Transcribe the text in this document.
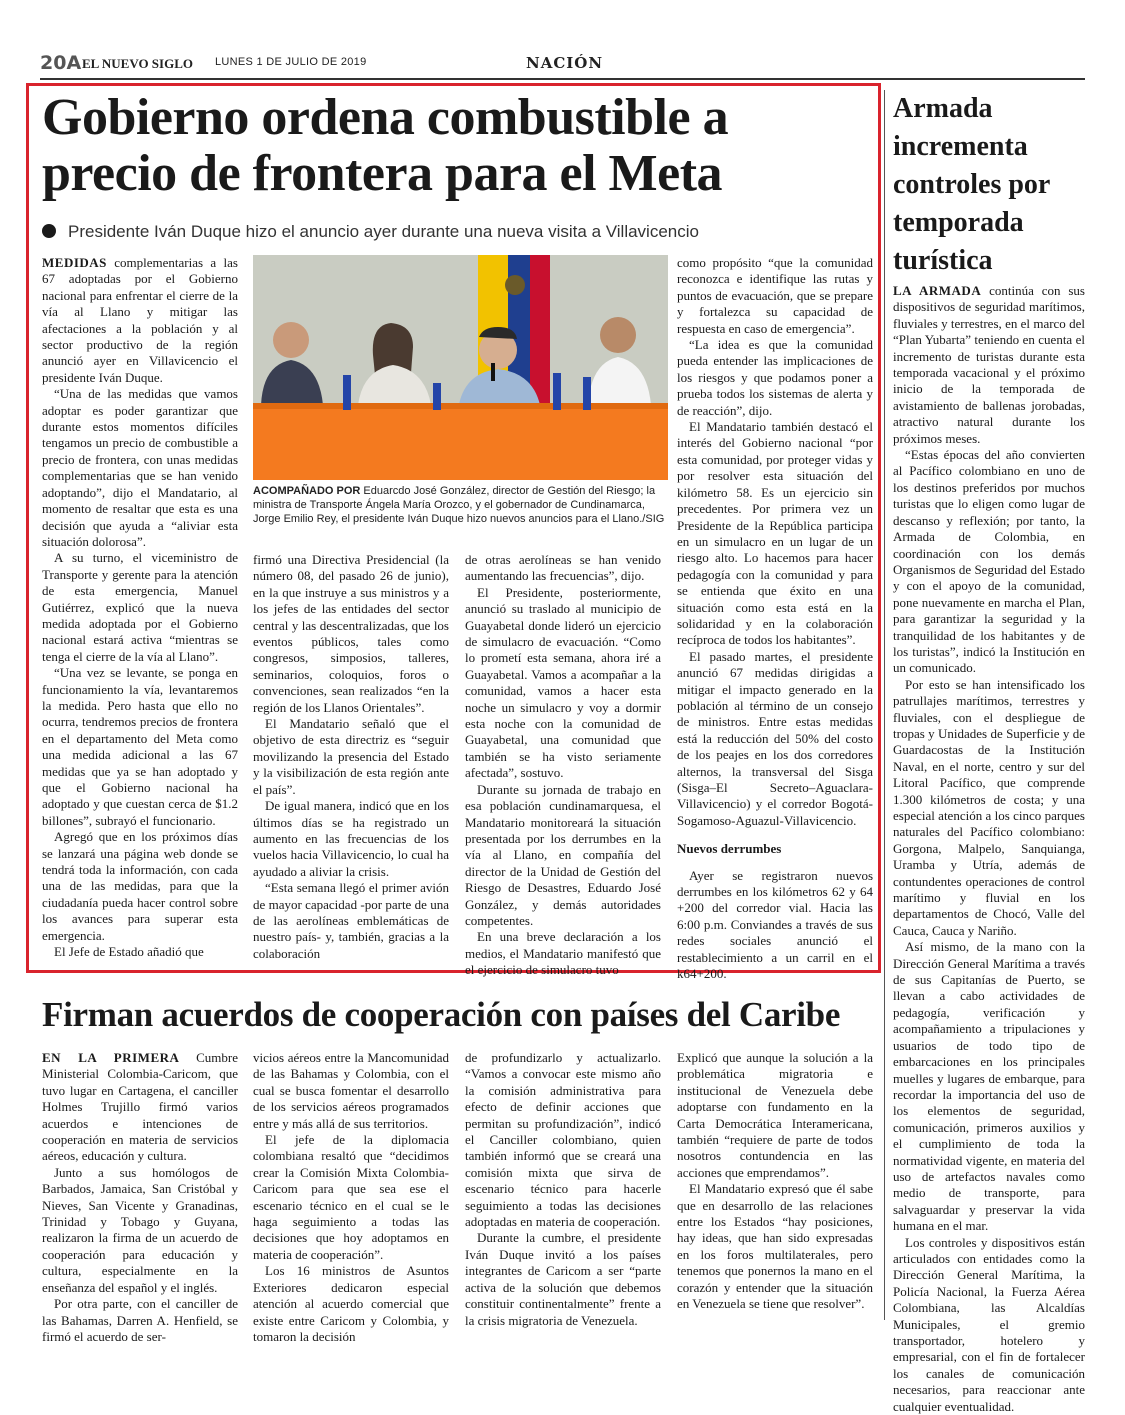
20A EL NUEVO SIGLO LUNES 1 DE JULIO DE 2019	NACIÓN
Gobierno ordena combustible a precio de frontera para el Meta
Presidente Iván Duque hizo el anuncio ayer durante una nueva visita a Villavicencio

MEDIDAS complementarias a las 67 adoptadas por el Gobierno nacional para enfrentar el cierre de la vía al Llano y mitigar las afectaciones a la población y al sector productivo de la región anunció ayer en Villavicencio el presidente Iván Duque.

“Una de las medidas que vamos adoptar es poder garantizar que durante estos momentos difíciles tengamos un precio de combustible a precio de frontera, con unas medidas complementarias que se han venido adoptando”, dijo el Mandatario, al momento de resaltar que esta es una decisión que ayuda a “aliviar esta situación dolorosa”.

A su turno, el viceministro de Transporte y gerente para la atención de esta emergencia, Manuel Gutiérrez, explicó que la nueva medida adoptada por el Gobierno nacional estará activa “mientras se tenga el cierre de la vía al Llano”.

“Una vez se levante, se ponga en funcionamiento la vía, levantaremos la medida. Pero hasta que ello no ocurra, tendremos precios de frontera en el departamento del Meta como una medida adicional a las 67 medidas que ya se han adoptado y que el Gobierno nacional ha adoptado y que cuestan cerca de $1.2 billones”, subrayó el funcionario.

Agregó que en los próximos días se lanzará una página web donde se tendrá toda la información, con cada una de las medidas, para que la ciudadanía pueda hacer control sobre los avances para superar esta emergencia.

El Jefe de Estado añadió que

ACOMPAÑADO POR Eduarcdo José González, director de Gestión del Riesgo; la ministra de Transporte Ángela María Orozco, y el gobernador de Cundinamarca, Jorge Emilio Rey, el presidente Iván Duque hizo nuevos anuncios para el Llano./SIG

firmó una Directiva Presidencial (la número 08, del pasado 26 de junio), en la que instruye a sus ministros y a los jefes de las entidades del sector central y las descentralizadas, que los eventos públicos, tales como congresos, simposios, talleres, seminarios, coloquios, foros o convenciones, sean realizados “en la región de los Llanos Orientales”.

El Mandatario señaló que el objetivo de esta directriz es “seguir movilizando la presencia del Estado y la visibilización de esta región ante el país”.

De igual manera, indicó que en los últimos días se ha registrado un aumento en las frecuencias de los vuelos hacia Villavicencio, lo cual ha ayudado a aliviar la crisis.

“Esta semana llegó el primer avión de mayor capacidad -por parte de una de las aerolíneas emblemáticas de nuestro país- y, también, gracias a la colaboración

de otras aerolíneas se han venido aumentando las frecuencias”, dijo.

El Presidente, posteriormente, anunció su traslado al municipio de Guayabetal donde lideró un ejercicio de simulacro de evacuación. “Como lo prometí esta semana, ahora iré a Guayabetal. Vamos a acompañar a la comunidad, vamos a hacer esta noche un simulacro y voy a dormir esta noche con la comunidad de Guayabetal, una comunidad que también se ha visto seriamente afectada”, sostuvo.

Durante su jornada de trabajo en esa población cundinamarquesa, el Mandatario monitoreará la situación presentada por los derrumbes en la vía al Llano, en compañía del director de la Unidad de Gestión del Riesgo de Desastres, Eduardo José González, y demás autoridades competentes.

En una breve declaración a los medios, el Mandatario manifestó que el ejercicio de simulacro tuvo

como propósito “que la comunidad reconozca e identifique las rutas y puntos de evacuación, que se prepare y fortalezca su capacidad de respuesta en caso de emergencia”.

“La idea es que la comunidad pueda entender las implicaciones de los riesgos y que podamos poner a prueba todos los sistemas de alerta y de reacción”, dijo.

El Mandatario también destacó el interés del Gobierno nacional “por esta comunidad, por proteger vidas y por resolver esta situación del kilómetro 58. Es un ejercicio sin precedentes. Por primera vez un Presidente de la República participa en un simulacro en un lugar de un riesgo alto. Lo hacemos para hacer pedagogía con la comunidad y para se entienda que éxito en una situación como esta está en la solidaridad y en la colaboración recíproca de todos los habitantes”.

El pasado martes, el presidente anunció 67 medidas dirigidas a mitigar el impacto generado en la población al término de un consejo de ministros. Entre estas medidas está la reducción del 50% del costo de los peajes en los dos corredores alternos, la transversal del Sisga (Sisga–El Secreto–Aguaclara-Villavicencio) y el corredor Bogotá-Sogamoso-Aguazul-Villavicencio.

Nuevos derrumbes

Ayer se registraron nuevos derrumbes en los kilómetros 62 y 64 +200 del corredor vial. Hacia las 6:00 p.m. Conviandes a través de sus redes sociales anunció el restablecimiento a un carril en el k64+200.

Armada incrementa controles por temporada turística

LA ARMADA continúa con sus dispositivos de seguridad marítimos, fluviales y terrestres, en el marco del “Plan Yubarta” teniendo en cuenta el incremento de turistas durante esta temporada vacacional y el próximo inicio de la temporada de avistamiento de ballenas jorobadas, atractivo natural durante los próximos meses.

“Estas épocas del año convierten al Pacífico colombiano en uno de los destinos preferidos por muchos turistas que lo eligen como lugar de descanso y reflexión; por tanto, la Armada de Colombia, en coordinación con los demás Organismos de Seguridad del Estado y con el apoyo de la comunidad, pone nuevamente en marcha el Plan, para garantizar la seguridad y la tranquilidad de los habitantes y de los turistas”, indicó la Institución en un comunicado.

Por esto se han intensificado los patrullajes marítimos, terrestres y fluviales, con el despliegue de tropas y Unidades de Superficie y de Guardacostas de la Institución Naval, en el norte, centro y sur del Litoral Pacífico, que comprende 1.300 kilómetros de costa; y una especial atención a los cinco parques naturales del Pacífico colombiano: Gorgona, Malpelo, Sanquianga, Uramba y Utría, además de contundentes operaciones de control marítimo y fluvial en los departamentos de Chocó, Valle del Cauca, Cauca y Nariño.

Así mismo, de la mano con la Dirección General Marítima a través de sus Capitanías de Puerto, se llevan a cabo actividades de pedagogía, verificación y acompañamiento a tripulaciones y usuarios de todo tipo de embarcaciones en los principales muelles y lugares de embarque, para recordar la importancia del uso de los elementos de seguridad, comunicación, primeros auxilios y el cumplimiento de toda la normatividad vigente, en materia del uso de artefactos navales como medio de transporte, para salvaguardar y preservar la vida humana en el mar.

Los controles y dispositivos están articulados con entidades como la Dirección General Marítima, la Policía Nacional, la Fuerza Aérea Colombiana, las Alcaldías Municipales, el gremio transportador, hotelero y empresarial, con el fin de fortalecer los canales de comunicación necesarios, para reaccionar ante cualquier eventualidad.

Firman acuerdos de cooperación con países del Caribe

EN LA PRIMERA Cumbre Ministerial Colombia-Caricom, que tuvo lugar en Cartagena, el canciller Holmes Trujillo firmó varios acuerdos e intenciones de cooperación en materia de servicios aéreos, educación y cultura.

Junto a sus homólogos de Barbados, Jamaica, San Cristóbal y Nieves, San Vicente y Granadinas, Trinidad y Tobago y Guyana, realizaron la firma de un acuerdo de cooperación para educación y cultura, especialmente en la enseñanza del español y el inglés.

Por otra parte, con el canciller de las Bahamas, Darren A. Henfield, se firmó el acuerdo de ser-

vicios aéreos entre la Mancomunidad de las Bahamas y Colombia, con el cual se busca fomentar el desarrollo de los servicios aéreos programados entre y más allá de sus territorios.

El jefe de la diplomacia colombiana resaltó que “decidimos crear la Comisión Mixta Colombia-Caricom para que sea ese el escenario técnico en el cual se le haga seguimiento a todas las decisiones que hoy adoptamos en materia de cooperación”.

Los 16 ministros de Asuntos Exteriores dedicaron especial atención al acuerdo comercial que existe entre Caricom y Colombia, y tomaron la decisión

de profundizarlo y actualizarlo. “Vamos a convocar este mismo año la comisión administrativa para efecto de definir acciones que permitan su profundización”, indicó el Canciller colombiano, quien también informó que se creará una comisión mixta que sirva de escenario técnico para hacerle seguimiento a todas las decisiones adoptadas en materia de cooperación.

Durante la cumbre, el presidente Iván Duque invitó a los países integrantes de Caricom a ser “parte activa de la solución que debemos constituir continentalmente” frente a la crisis migratoria de Venezuela.

Explicó que aunque la solución a la problemática migratoria e institucional de Venezuela debe adoptarse con fundamento en la Carta Democrática Interamericana, también “requiere de parte de todos nosotros contundencia en las acciones que emprendamos”.

El Mandatario expresó que él sabe que en desarrollo de las relaciones entre los Estados “hay posiciones, hay ideas, que han sido expresadas en los foros multilaterales, pero tenemos que ponernos la mano en el corazón y entender que la situación en Venezuela se tiene que resolver”.
